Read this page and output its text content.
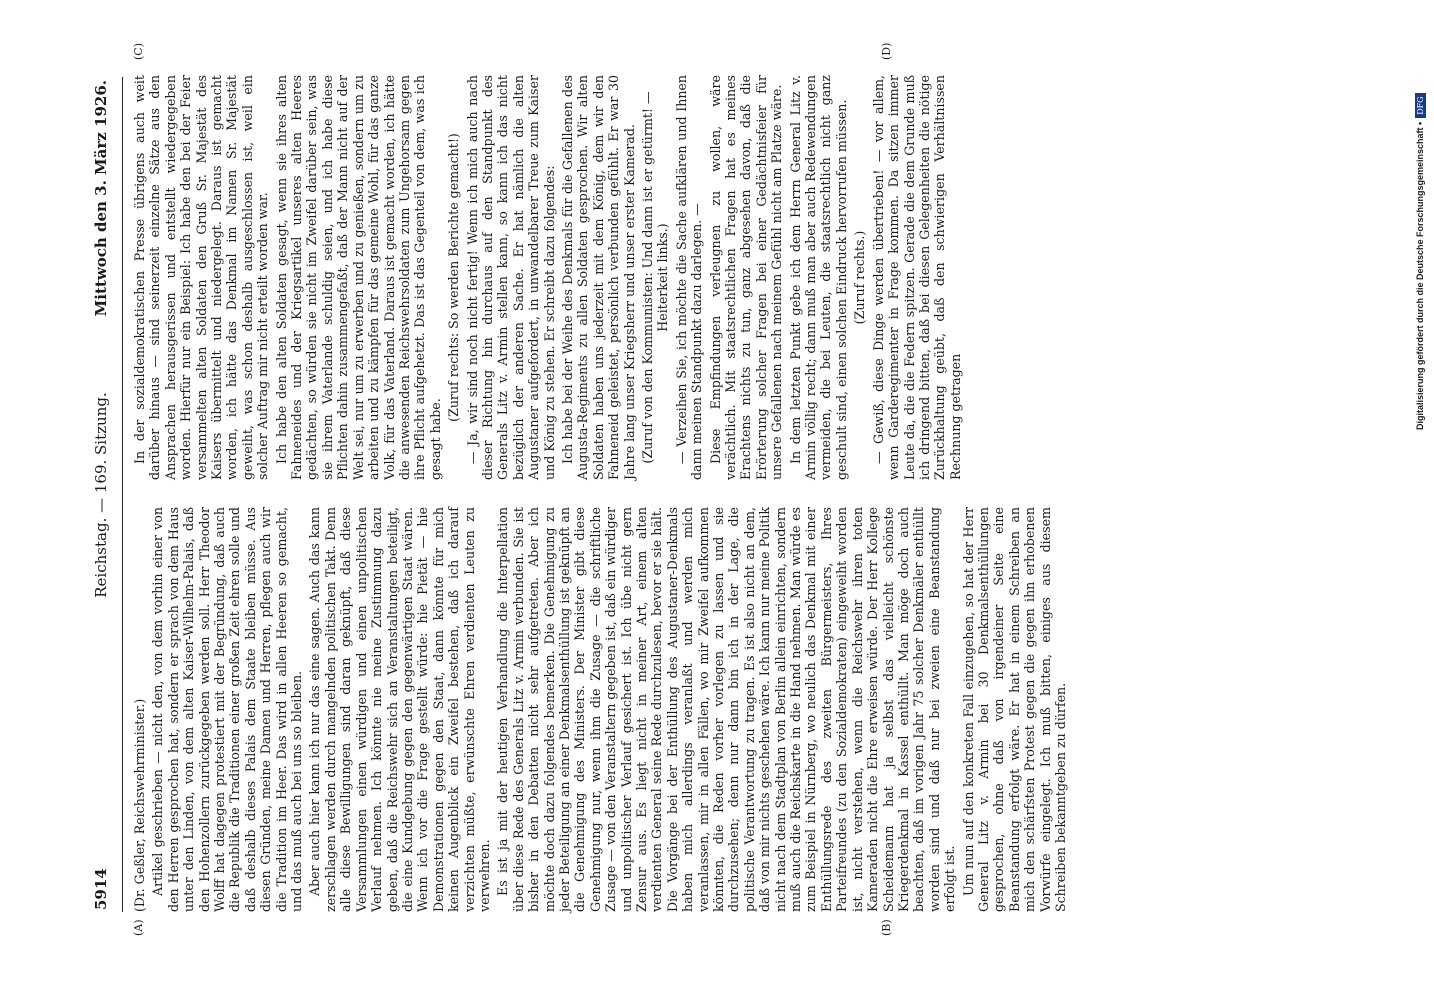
5914
Reichstag. — 169. Sitzung.
Mittwoch den 3. März 1926.
(A)	(B)
(C)	(D)

(Dr. Geßler, Reichswehrminister.) Artikel geschrieben — nicht den, von dem vorhin einer von den Herren gesprochen hat, sondern er sprach von dem Haus unter den Linden, von dem alten Kaiser-Wilhelm-Palais, daß den Hohenzollern zurückgegeben werden soll. Herr Theodor Wolff hat dagegen protestiert mit der Begründung, daß auch die Republik die Traditionen einer großen Zeit ehren solle und daß deshalb dieses Palais dem Staate bleiben müsse. Aus diesen Gründen, meine Damen und Herren, pflegen auch wir die Tradition im Heer. Das wird in allen Heeren so gemacht, und das muß auch bei uns so bleiben. Aber auch hier kann ich nur das eine sagen. Auch das kann zerschlagen werden durch mangelnden politischen Takt. Denn alle diese Bewilligungen sind daran geknüpft, daß diese Versammlungen einen würdigen und einen unpolitischen Verlauf nehmen. Ich könnte nie meine Zustimmung dazu geben, daß die Reichswehr sich an Veranstaltungen beteiligt, die eine Kundgebung gegen den gegenwärtigen Staat wären. Wenn ich vor die Frage gestellt würde: hie Pietät — hie Demonstrationen gegen den Staat, dann könnte für mich keinen Augenblick ein Zweifel bestehen, daß ich darauf verzichten müßte, erwünschte Ehren verdienten Leuten zu verwehren. Es ist ja mit der heutigen Verhandlung die Interpellation über diese Rede des Generals Litz v. Armin verbunden. Sie ist bisher in den Debatten nicht sehr aufgetreten. Aber ich möchte doch dazu folgendes bemerken. Die Genehmigung zu jeder Beteiligung an einer Denkmalsenthüllung ist geknüpft an die Genehmigung des Ministers. Der Minister gibt diese Genehmigung nur, wenn ihm die Zusage — die schriftliche Zusage — von den Veranstaltern gegeben ist, daß ein würdiger und unpolitischer Verlauf gesichert ist. Ich übe nicht gern Zensur aus. Es liegt nicht in meiner Art, einem alten verdienten General seine Rede durchzulesen, bevor er sie hält. Die Vorgänge bei der Enthüllung des Augustaner-Denkmals haben mich allerdings veranlaßt und werden mich veranlassen, mir in allen Fällen, wo mir Zweifel aufkommen könnten, die Reden vorher vorlegen zu lassen und sie durchzusehen; denn nur dann bin ich in der Lage, die politische Verantwortung zu tragen. Es ist also nicht an dem, daß von mir nichts geschehen wäre. Ich kann nur meine Politik nicht nach dem Stadtplan von Berlin allein einrichten, sondern muß auch die Reichskarte in die Hand nehmen. Man würde es zum Beispiel in Nürnberg, wo neulich das Denkmal mit einer Enthüllungsrede des zweiten Bürgermeisters, Ihres Parteifreundes (zu den Sozialdemokraten) eingeweiht worden ist, nicht verstehen, wenn die Reichswehr ihren toten Kameraden nicht die Ehre erweisen würde. Der Herr Kollege Scheidemann hat ja selbst das vielleicht schönste Kriegerdenkmal in Kassel enthüllt. Man möge doch auch beachten, daß im vorigen Jahr 75 solcher Denkmäler enthüllt worden sind und daß nur bei zweien eine Beanstandung erfolgt ist. Um nun auf den konkreten Fall einzugehen, so hat der Herr General Litz v. Armin bei 30 Denkmalsenthüllungen gesprochen, ohne daß von irgendeiner Seite eine Beanstandung erfolgt wäre. Er hat in einem Schreiben an mich den schärfsten Protest gegen die gegen ihn erhobenen Vorwürfe eingelegt. Ich muß bitten, einiges aus diesem Schreiben bekanntgeben zu dürfen.

In der sozialdemokratischen Presse übrigens auch weit darüber hinaus — sind seinerzeit einzelne Sätze aus den Ansprachen herausgerissen und entstellt wiedergegeben worden. Hierfür nur ein Beispiel: Ich habe den bei der Feier versammelten alten Soldaten den Gruß Sr. Majestät des Kaisers übermittelt und niedergelegt. Daraus ist gemacht worden, ich hätte das Denkmal im Namen Sr. Majestät geweiht, was schon deshalb ausgeschlossen ist, weil ein solcher Auftrag mir nicht erteilt worden war. Ich habe den alten Soldaten gesagt, wenn sie ihres alten Fahneneides und der Kriegsartikel unseres alten Heeres gedächten, so würden sie nicht im Zweifel darüber sein, was sie ihrem Vaterlande schuldig seien, und ich habe diese Pflichten dahin zusammengefaßt, daß der Mann nicht auf der Welt sei, nur um zu erwerben und zu genießen, sondern um zu arbeiten und zu kämpfen für das gemeine Wohl, für das ganze Volk, für das Vaterland. Daraus ist gemacht worden, ich hätte die anwesenden Reichswehrsoldaten zum Ungehorsam gegen ihre Pflicht aufgehetzt. Das ist das Gegenteil von dem, was ich gesagt habe.

(Zuruf rechts: So werden Berichte gemacht!) — Ja, wir sind noch nicht fertig! Wenn ich mich auch nach dieser Richtung hin durchaus auf den Standpunkt des Generals Litz v. Armin stellen kann, so kann ich das nicht bezüglich der anderen Sache. Er hat nämlich die alten Augustaner aufgefordert, in unwandelbarer Treue zum Kaiser und König zu stehen. Er schreibt dazu folgendes: Ich habe bei der Weihe des Denkmals für die Gefallenen des Augusta-Regiments zu allen Soldaten gesprochen. Wir alten Soldaten haben uns jederzeit mit dem König, dem wir den Fahneneid geleistet, persönlich verbunden gefühlt. Er war 30 Jahre lang unser Kriegsherr und unser erster Kamerad. (Zuruf von den Kommunisten: Und dann ist er getürmt! — Heiterkeit links.) — Verzeihen Sie, ich möchte die Sache aufklären und Ihnen dann meinen Standpunkt dazu darlegen. — Diese Empfindungen verleugnen zu wollen, wäre verächtlich. Mit staatsrechtlichen Fragen hat es meines Erachtens nichts zu tun, ganz abgesehen davon, daß die Erörterung solcher Fragen bei einer Gedächtnisfeier für unsere Gefallenen nach meinem Gefühl nicht am Platze wäre. In dem letzten Punkt gebe ich dem Herrn General Litz v. Armin völlig recht; dann muß man aber auch Redewendungen vermeiden, die bei Leuten, die staatsrechtlich nicht ganz geschult sind, einen solchen Eindruck hervorrufen müssen. (Zuruf rechts.) — Gewiß, diese Dinge werden übertrieben! — vor allem, wenn Garderegimenter in Frage kommen. Da sitzen immer Leute da, die die Federn spitzen. Gerade die dem Grunde muß ich dringend bitten, daß bei diesen Gelegenheiten die nötige Zurückhaltung geübt, daß den schwierigen Verhältnissen Rechnung getragen	Digitalisierung gefördert durch die Deutsche Forschungsgemeinschaft •
DFG
